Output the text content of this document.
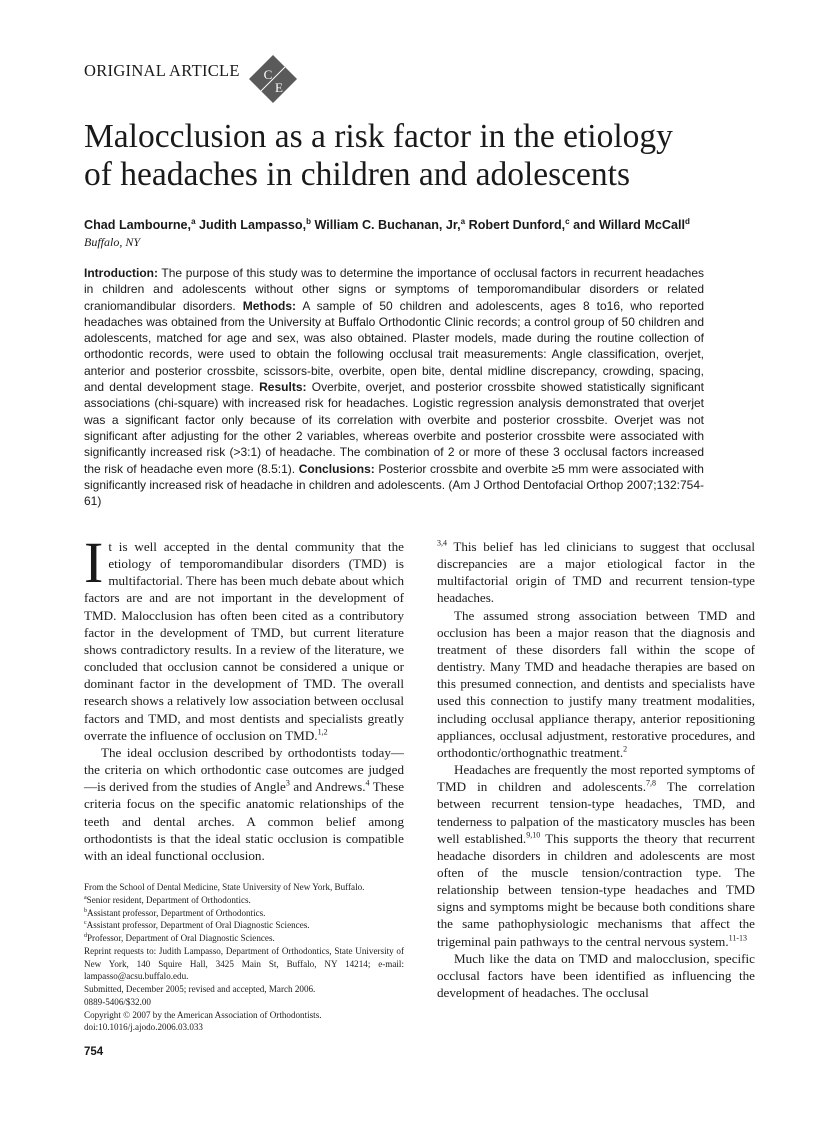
ORIGINAL ARTICLE C
E
Malocclusion as a risk factor in the etiology
of headaches in children and adolescents
Chad Lambourne,$^a$ Judith Lampasso,$^b$ William C. Buchanan, Jr,$^a$ Robert Dunford,$^c$ and Willard McCall$^d$
Buffalo, NY
Introduction: The purpose of this study was to determine the importance of occlusal factors in recurrent headaches in children and adolescents without other signs or symptoms of temporomandibular disorders or related craniomandibular disorders. Methods: A sample of 50 children and adolescents, ages 8 to16, who reported headaches was obtained from the University at Buffalo Orthodontic Clinic records; a control group of 50 children and adolescents, matched for age and sex, was also obtained. Plaster models, made during the routine collection of orthodontic records, were used to obtain the following occlusal trait measurements: Angle classification, overjet, anterior and posterior crossbite, scissors-bite, overbite, open bite, dental midline discrepancy, crowding, spacing, and dental development stage. Results: Overbite, overjet, and posterior crossbite showed statistically significant associations (chi-square) with increased risk for headaches. Logistic regression analysis demonstrated that overjet was a significant factor only because of its correlation with overbite and posterior crossbite. Overjet was not significant after adjusting for the other 2 variables, whereas overbite and posterior crossbite were associated with significantly increased risk (>3:1) of headache. The combination of 2 or more of these 3 occlusal factors increased the risk of headache even more (8.5:1). Conclusions: Posterior crossbite and overbite ≥5 mm were associated with significantly increased risk of headache in children and adolescents. (Am J Orthod Dentofacial Orthop 2007;132:754-61)

It is well accepted in the dental community that the etiology of temporomandibular disorders (TMD) is multifactorial. There has been much debate about which factors are and are not important in the development of TMD. Malocclusion has often been cited as a contributory factor in the development of TMD, but current literature shows contradictory results. In a review of the literature, we concluded that occlusion cannot be considered a unique or dominant factor in the development of TMD. The overall research shows a relatively low association between occlusal factors and TMD, and most dentists and specialists greatly overrate the influence of occlusion on TMD.$^{1,2}$

The ideal occlusion described by orthodontists today—the criteria on which orthodontic case outcomes are judged—is derived from the studies of Angle$^3$ and Andrews.$^4$ These criteria focus on the specific anatomic relationships of the teeth and dental arches. A common belief among orthodontists is that the ideal static occlusion is compatible with an ideal functional occlusion.

$^{3,4}$ This belief has led clinicians to suggest that occlusal discrepancies are a major etiological factor in the multifactorial origin of TMD and recurrent tension-type headaches.

The assumed strong association between TMD and occlusion has been a major reason that the diagnosis and treatment of these disorders fall within the scope of dentistry. Many TMD and headache therapies are based on this presumed connection, and dentists and specialists have used this connection to justify many treatment modalities, including occlusal appliance therapy, anterior repositioning appliances, occlusal adjustment, restorative procedures, and orthodontic/orthognathic treatment.$^2$

Headaches are frequently the most reported symptoms of TMD in children and adolescents.$^{7,8}$ The correlation between recurrent tension-type headaches, TMD, and tenderness to palpation of the masticatory muscles has been well established.$^{9,10}$ This supports the theory that recurrent headache disorders in children and adolescents are most often of the muscle tension/contraction type. The relationship between tension-type headaches and TMD signs and symptoms might be because both conditions share the same pathophysiologic mechanisms that affect the trigeminal pain pathways to the central nervous system.$^{11-13}$

Much like the data on TMD and malocclusion, specific occlusal factors have been identified as influencing the development of headaches. The occlusal

From the School of Dental Medicine, State University of New York, Buffalo.
$^a$Senior resident, Department of Orthodontics.
$^b$Assistant professor, Department of Orthodontics.
$^c$Assistant professor, Department of Oral Diagnostic Sciences.
$^d$Professor, Department of Oral Diagnostic Sciences.
Reprint requests to: Judith Lampasso, Department of Orthodontics, State University of New York, 140 Squire Hall, 3425 Main St, Buffalo, NY 14214; e-mail: lampasso@acsu.buffalo.edu.
Submitted, December 2005; revised and accepted, March 2006.
0889-5406/$32.00
Copyright © 2007 by the American Association of Orthodontists.
doi:10.1016/j.ajodo.2006.03.033
754
